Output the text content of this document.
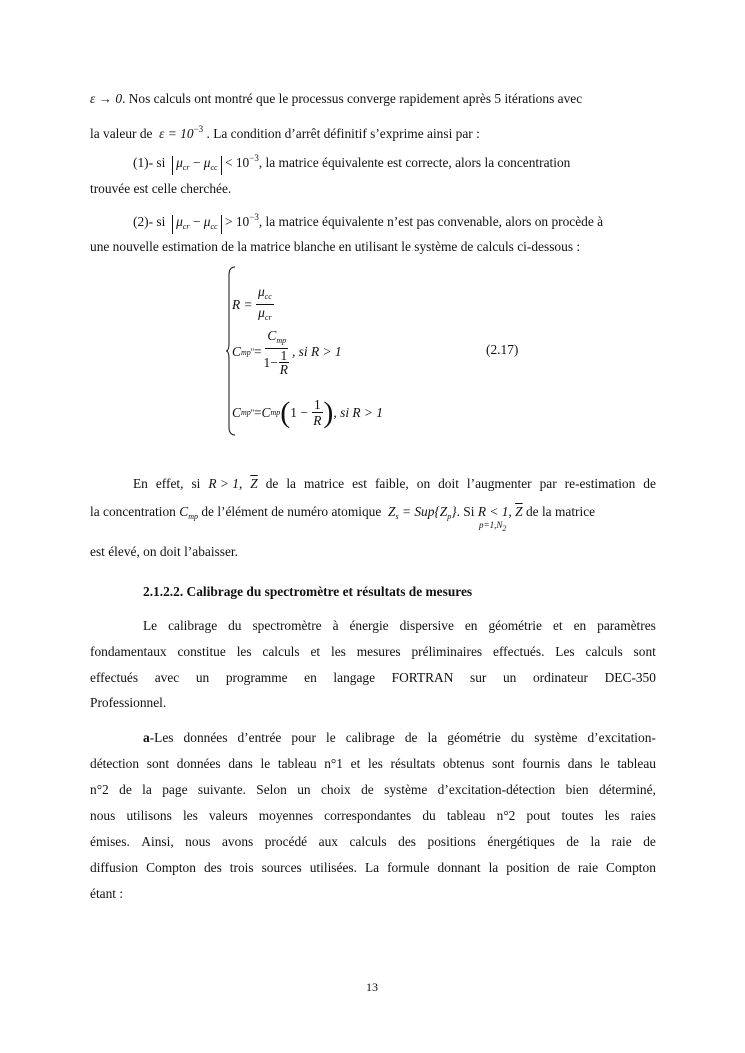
ε → 0. Nos calculs ont montré que le processus converge rapidement après 5 itérations avec
la valeur de $\varepsilon = 10^{-3}$ . La condition d’arrêt définitif s’exprime ainsi par :
(1)- si $\mu_{cr} - \mu_{cc} < 10^{-3}$, la matrice équivalente est correcte, alors la concentration
trouvée est celle cherchée.
(2)- si $\mu_{cr} - \mu_{cc} > 10^{-3}$, la matrice équivalente n’est pas convenable, alors on procède à
une nouvelle estimation de la matrice blanche en utilisant le système de calculs ci-dessous :
R =
$\frac{\mu_{cc}}{\mu_{cr}}$
C mp '' = $\frac{C_{mp}}{1 - \frac{1}{R}}$ , si R > 1	(2.17)
C mp '' = C mp ( 1
−
$\frac{1}{R}$ ) , si R > 1
En effet, si R > 1, $\overline{Z}$ de la matrice est faible, on doit l’augmenter par re-estimation de
la concentration $C_{mp}$ de l’élément de numéro atomique $Z_s = Sup\{Z_p\}$. Si R < 1, $\overline{Z}$ de la matrice
p=1,N2
est élevé, on doit l’abaisser.
2.1.2.2. Calibrage du spectromètre et résultats de mesures
Le calibrage du spectromètre à énergie dispersive en géométrie et en paramètres
fondamentaux constitue les calculs et les mesures préliminaires effectués. Les calculs sont
effectués avec un programme en langage FORTRAN sur un ordinateur DEC-350
Professionnel.
a-Les données d’entrée pour le calibrage de la géométrie du système d’excitation-
détection sont données dans le tableau n°1 et les résultats obtenus sont fournis dans le tableau
n°2 de la page suivante. Selon un choix de système d’excitation-détection bien déterminé,
nous utilisons les valeurs moyennes correspondantes du tableau n°2 pout toutes les raies
émises. Ainsi, nous avons procédé aux calculs des positions énergétiques de la raie de
diffusion Compton des trois sources utilisées. La formule donnant la position de raie Compton
étant :
13
